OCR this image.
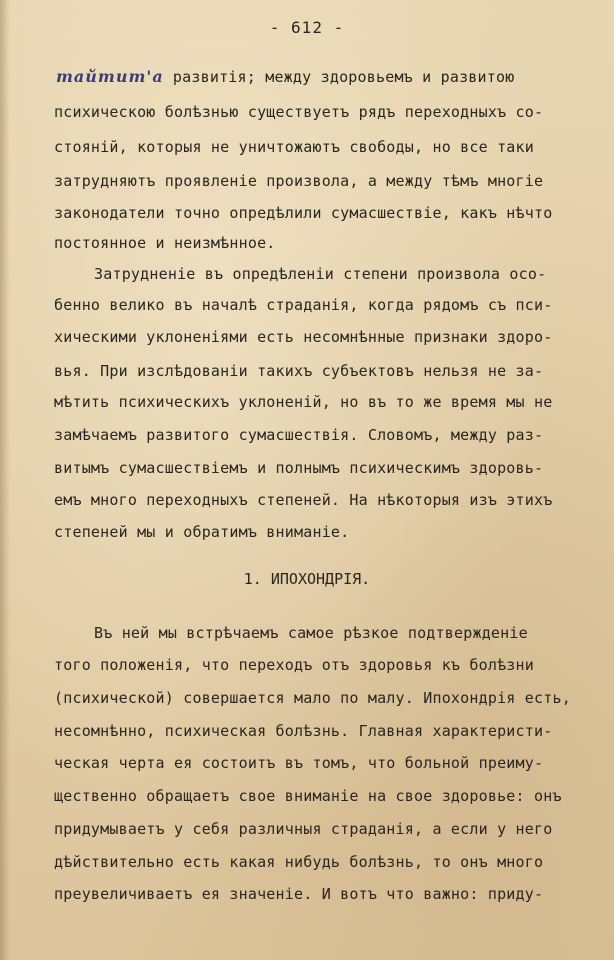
- 612 -
тайтит'а развитія; между здоровьемъ и развитою
психическою болѣзнью существуетъ рядъ переходныхъ со-
стояній, которыя не уничтожаютъ свободы, но все таки
затрудняютъ проявленіе произвола, а между тѣмъ многіе
законодатели точно опредѣлили сумасшествіе, какъ нѣчто
постоянное и неизмѣнное.
Затрудненіе въ опредѣленіи степени произвола осо-
бенно велико въ началѣ страданія, когда рядомъ съ пси-
хическими уклоненіями есть несомнѣнные признаки здоро-
вья. При изслѣдованіи такихъ субъектовъ нельзя не за-
мѣтить психическихъ уклоненій, но въ то же время мы не
замѣчаемъ развитого сумасшествія. Словомъ, между раз-
витымъ сумасшествіемъ и полнымъ психическимъ здоровь-
емъ много переходныхъ степеней. На нѣкоторыя изъ этихъ
степеней мы и обратимъ вниманіе.
1. ИПОХОНДРІЯ.
Въ ней мы встрѣчаемъ самое рѣзкое подтвержденіе
того положенія, что переходъ отъ здоровья къ болѣзни
(психической) совершается мало по малу. Ипохондрія есть,
несомнѣнно, психическая болѣзнь. Главная характеристи-
ческая черта ея состоитъ въ томъ, что больной преиму-
щественно обращаетъ свое вниманіе на свое здоровье: онъ
придумываетъ у себя различныя страданія, а если у него
дѣйствительно есть какая нибудь болѣзнь, то онъ много
преувеличиваетъ ея значеніе. И вотъ что важно: приду-
